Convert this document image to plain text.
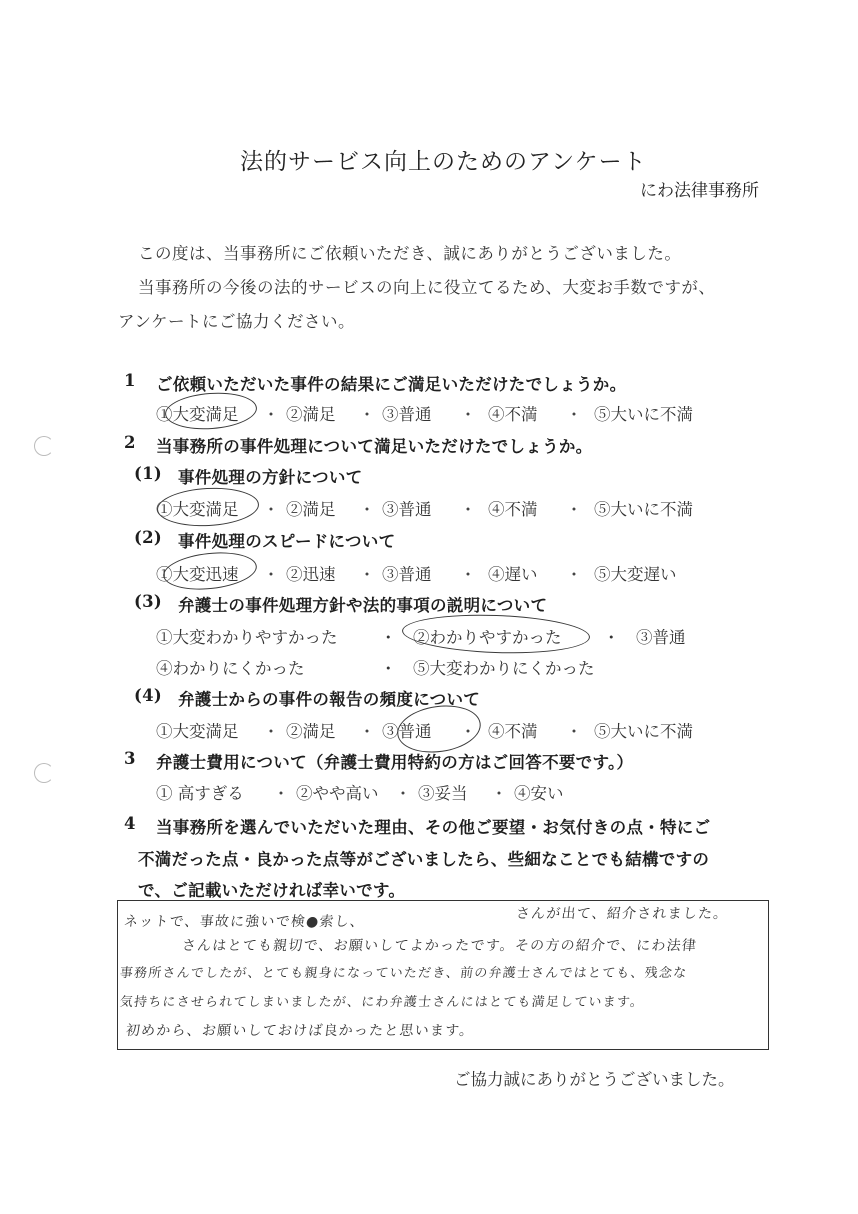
法的サービス向上のためのアンケート
にわ法律事務所
この度は、当事務所にご依頼いただき、誠にありがとうございました。
当事務所の今後の法的サービスの向上に役立てるため、大変お手数ですが、
アンケートにご協力ください。
1 ご依頼いただいた事件の結果にご満足いただけたでしょうか。
①大変満足	・ ②満足	・ ③普通	・ ④不満	・ ⑤大いに不満
2 当事務所の事件処理について満足いただけたでしょうか。
(1) 事件処理の方針について
①大変満足	・ ②満足	・ ③普通	・ ④不満	・ ⑤大いに不満
(2) 事件処理のスピードについて
①大変迅速	・ ②迅速	・ ③普通	・ ④遅い	・ ⑤大変遅い
(3) 弁護士の事件処理方針や法的事項の説明について
①大変わかりやすかった	・ ②わかりやすかった	・ ③普通
④わかりにくかった	・ ⑤大変わかりにくかった
(4) 弁護士からの事件の報告の頻度について
①大変満足	・ ②満足	・ ③普通	・ ④不満	・ ⑤大いに不満
3 弁護士費用について（弁護士費用特約の方はご回答不要です。）
① 高すぎる	・ ②やや高い ・ ③妥当	・ ④安い
4 当事務所を選んでいただいた理由、その他ご要望・お気付きの点・特にご
不満だった点・良かった点等がございましたら、些細なことでも結構ですの
で、ご記載いただければ幸いです。
ネットで、事故に強いで検●索し、	さんが出て、紹介されました。
さんはとても親切で、お願いしてよかったです。その方の紹介で、にわ法律
事務所さんでしたが、とても親身になっていただき、前の弁護士さんではとても、残念な
気持ちにさせられてしまいましたが、にわ弁護士さんにはとても満足しています。
初めから、お願いしておけば良かったと思います。
ご協力誠にありがとうございました。
